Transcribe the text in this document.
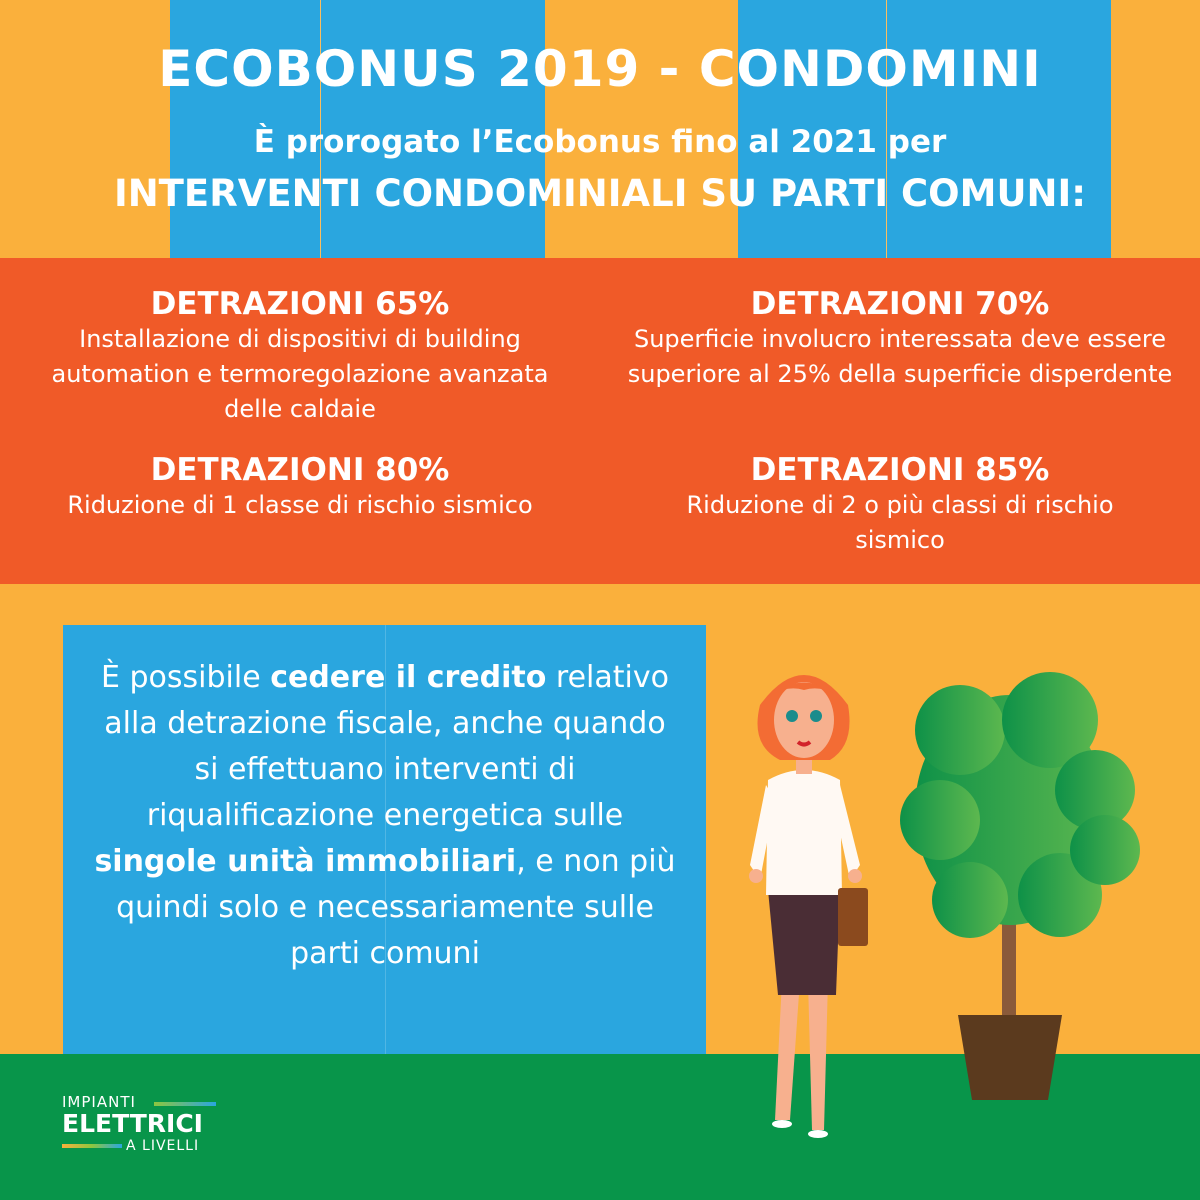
ECOBONUS 2019 - CONDOMINI
È prorogato l’Ecobonus fino al 2021 per
INTERVENTI CONDOMINIALI SU PARTI COMUNI:
DETRAZIONI 65%
Installazione di dispositivi di building automation e termoregolazione avanzata delle caldaie
DETRAZIONI 70%
Superficie involucro interessata deve essere superiore al 25% della superficie disperdente
DETRAZIONI 80%
Riduzione di 1 classe di rischio sismico
DETRAZIONI 85%
Riduzione di 2 o più classi di rischio sismico
È possibile cedere il credito relativo alla detrazione fiscale, anche quando si effettuano interventi di riqualificazione energetica sulle singole unità immobiliari, e non più quindi solo e necessariamente sulle parti comuni
IMPIANTI
ELETTRICI
A LIVELLI
